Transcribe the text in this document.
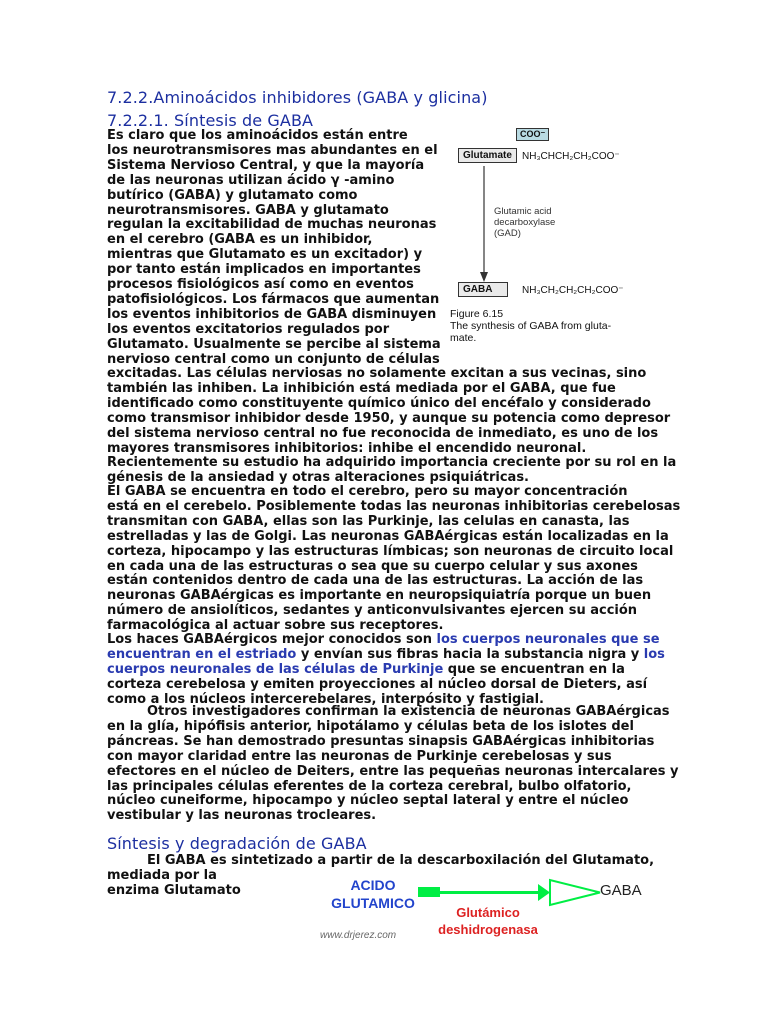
7.2.2.Aminoácidos inhibidores (GABA y glicina)
7.2.2.1. Síntesis de GABA
Es claro que los aminoácidos están entre
los neurotransmisores mas abundantes en el
Sistema Nervioso Central, y que la mayoría
de las neuronas utilizan ácido γ -amino
butírico (GABA) y glutamato como
neurotransmisores. GABA y glutamato
regulan la excitabilidad de muchas neuronas
en el cerebro (GABA es un inhibidor,
mientras que Glutamato es un excitador) y
por tanto están implicados en importantes
procesos fisiológicos así como en eventos
patofisiológicos. Los fármacos que aumentan
los eventos inhibitorios de GABA disminuyen
los eventos excitatorios regulados por
Glutamato. Usualmente se percibe al sistema
nervioso central como un conjunto de células
COO⁻
Glutamate	NH₃CHCH₂CH₂COO⁻
Glutamic acid
decarboxylase
(GAD)
GABA	NH₃CH₂CH₂CH₂COO⁻
Figure 6.15
The synthesis of GABA from gluta-
mate.
excitadas. Las células nerviosas no solamente excitan a sus vecinas, sino
también las inhiben. La inhibición está mediada por el GABA, que fue
identificado como constituyente químico único del encéfalo y considerado
como transmisor inhibidor desde 1950, y aunque su potencia como depresor
del sistema nervioso central no fue reconocida de inmediato, es uno de los
mayores transmisores inhibitorios: inhibe el encendido neuronal.
Recientemente su estudio ha adquirido importancia creciente por su rol en la
génesis de la ansiedad y otras alteraciones psiquiátricas.
El GABA se encuentra en todo el cerebro, pero su mayor concentración
está en el cerebelo. Posiblemente todas las neuronas inhibitorias cerebelosas
transmitan con GABA, ellas son las Purkinje, las celulas en canasta, las
estrelladas y las de Golgi. Las neuronas GABAérgicas están localizadas en la
corteza, hipocampo y las estructuras límbicas; son neuronas de circuito local
en cada una de las estructuras o sea que su cuerpo celular y sus axones
están contenidos dentro de cada una de las estructuras. La acción de las
neuronas GABAérgicas es importante en neuropsiquiatría porque un buen
número de ansiolíticos, sedantes y anticonvulsivantes ejercen su acción
farmacológica al actuar sobre sus receptores.
Los haces GABAérgicos mejor conocidos son los cuerpos neuronales que se
encuentran en el estriado y envían sus fibras hacia la substancia nigra y los
cuerpos neuronales de las células de Purkinje que se encuentran en la
corteza cerebelosa y emiten proyecciones al núcleo dorsal de Dieters, así
como a los núcleos intercerebelares, interpósito y fastigial.
Otros investigadores confirman la existencia de neuronas GABAérgicas
en la glía, hipófisis anterior, hipotálamo y células beta de los islotes del
páncreas. Se han demostrado presuntas sinapsis GABAérgicas inhibitorias
con mayor claridad entre las neuronas de Purkinje cerebelosas y sus
efectores en el núcleo de Deiters, entre las pequeñas neuronas intercalares y
las principales células eferentes de la corteza cerebral, bulbo olfatorio,
núcleo cuneiforme, hipocampo y núcleo septal lateral y entre el núcleo
vestibular y las neuronas trocleares.
Síntesis y degradación de GABA
El GABA es sintetizado a partir de la descarboxilación del Glutamato,
mediada por la
enzima Glutamato	ACIDO
GLUTAMICO
GABA
Glutámico
deshidrogenasa
www.drjerez.com
